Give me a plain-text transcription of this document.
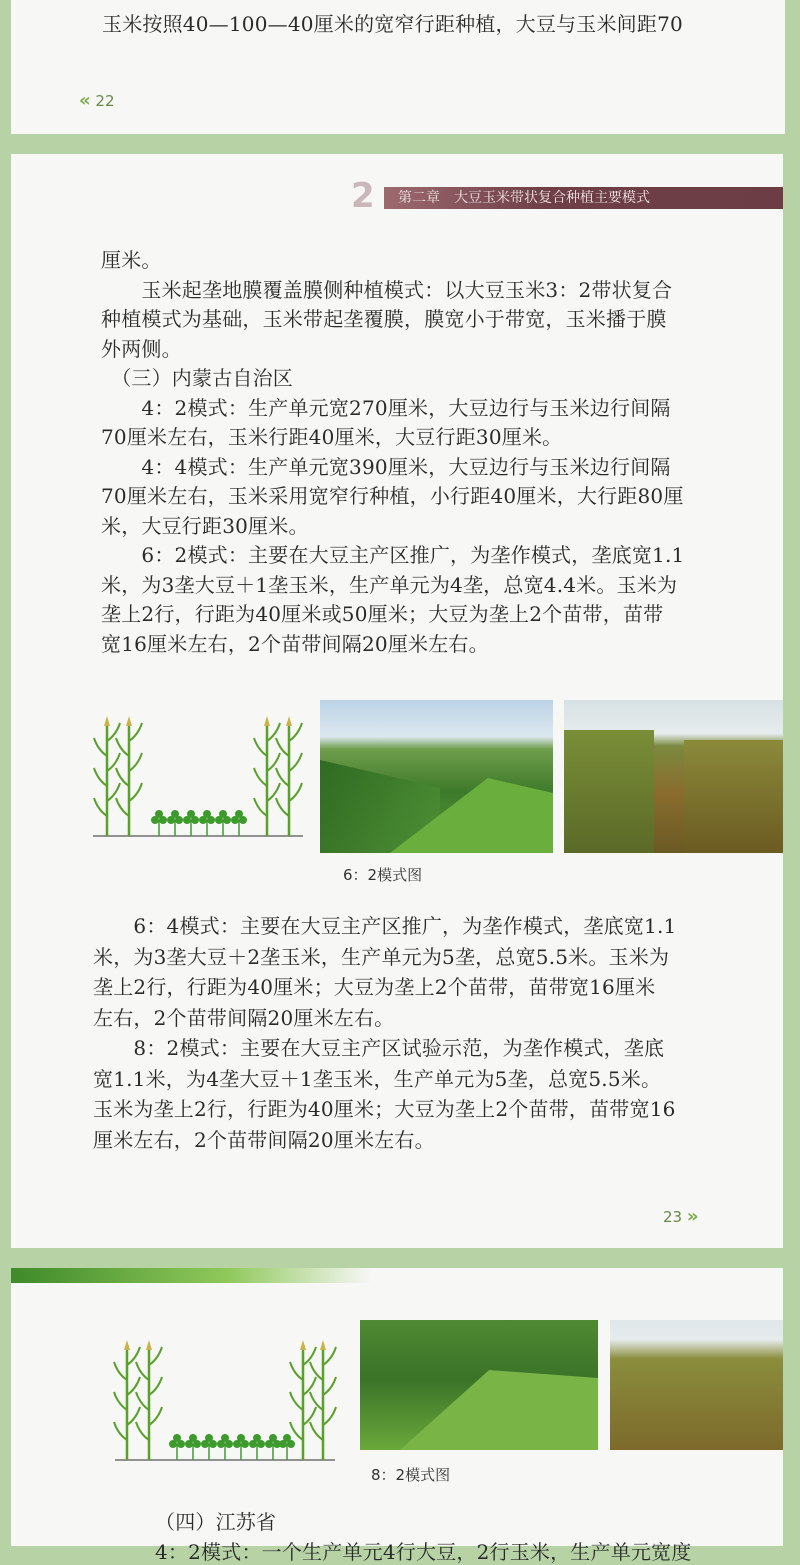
玉米按照40—100—40厘米的宽窄行距种植，大豆与玉米间距70
« 22
2	第二章　大豆玉米带状复合种植主要模式
厘米。
　　玉米起垄地膜覆盖膜侧种植模式：以大豆玉米3：2带状复合
种植模式为基础，玉米带起垄覆膜，膜宽小于带宽，玉米播于膜
外两侧。
　（三）内蒙古自治区
　　4：2模式：生产单元宽270厘米，大豆边行与玉米边行间隔
70厘米左右，玉米行距40厘米，大豆行距30厘米。
　　4：4模式：生产单元宽390厘米，大豆边行与玉米边行间隔
70厘米左右，玉米采用宽窄行种植，小行距40厘米，大行距80厘
米，大豆行距30厘米。
　　6：2模式：主要在大豆主产区推广，为垄作模式，垄底宽1.1
米，为3垄大豆＋1垄玉米，生产单元为4垄，总宽4.4米。玉米为
垄上2行，行距为40厘米或50厘米；大豆为垄上2个苗带，苗带
宽16厘米左右，2个苗带间隔20厘米左右。
6：2模式图
　　6：4模式：主要在大豆主产区推广，为垄作模式，垄底宽1.1
米，为3垄大豆＋2垄玉米，生产单元为5垄，总宽5.5米。玉米为
垄上2行，行距为40厘米；大豆为垄上2个苗带，苗带宽16厘米
左右，2个苗带间隔20厘米左右。
　　8：2模式：主要在大豆主产区试验示范，为垄作模式，垄底
宽1.1米，为4垄大豆＋1垄玉米，生产单元为5垄，总宽5.5米。
玉米为垄上2行，行距为40厘米；大豆为垄上2个苗带，苗带宽16
厘米左右，2个苗带间隔20厘米左右。
23 »
8：2模式图
（四）江苏省
4：2模式：一个生产单元4行大豆，2行玉米，生产单元宽度
